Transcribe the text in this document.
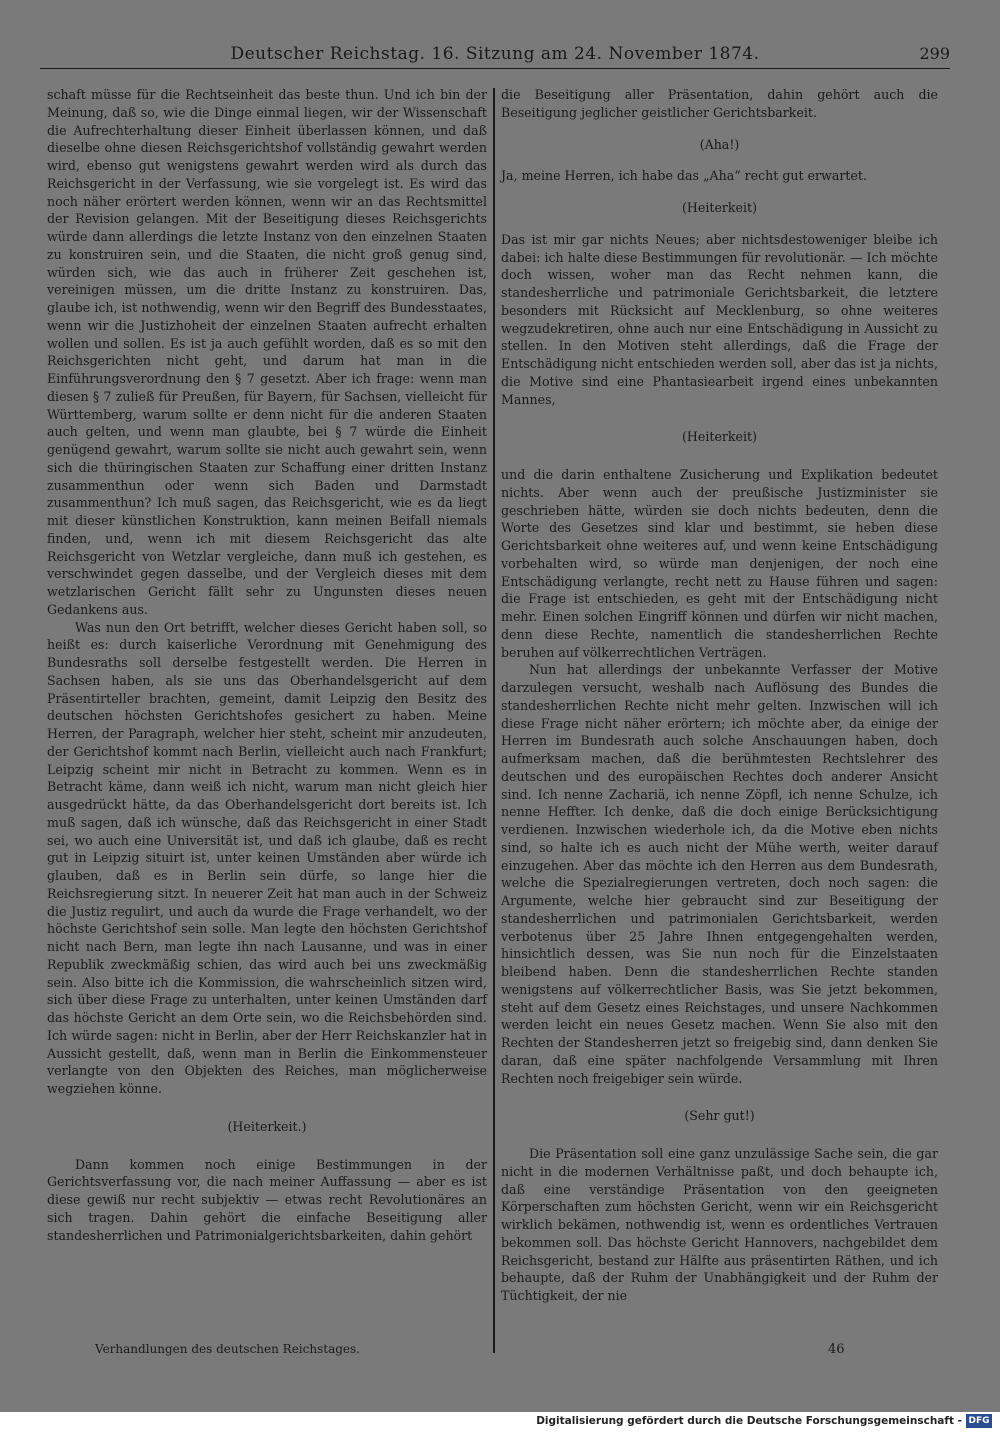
Deutscher Reichstag. 16. Sitzung am 24. November 1874.	299

schaft müsse für die Rechtseinheit das beste thun. Und ich bin der Meinung, daß so, wie die Dinge einmal liegen, wir der Wissenschaft die Aufrechterhaltung dieser Einheit überlassen können, und daß dieselbe ohne diesen Reichsgerichtshof vollständig gewahrt werden wird, ebenso gut wenigstens gewahrt werden wird als durch das Reichsgericht in der Verfassung, wie sie vorgelegt ist. Es wird das noch näher erörtert werden können, wenn wir an das Rechtsmittel der Revision gelangen. Mit der Beseitigung dieses Reichsgerichts würde dann allerdings die letzte Instanz von den einzelnen Staaten zu konstruiren sein, und die Staaten, die nicht groß genug sind, würden sich, wie das auch in früherer Zeit geschehen ist, vereinigen müssen, um die dritte Instanz zu konstruiren. Das, glaube ich, ist nothwendig, wenn wir den Begriff des Bundesstaates, wenn wir die Justizhoheit der einzelnen Staaten aufrecht erhalten wollen und sollen. Es ist ja auch gefühlt worden, daß es so mit den Reichsgerichten nicht geht, und darum hat man in die Einführungsverordnung den § 7 gesetzt. Aber ich frage: wenn man diesen § 7 zuließ für Preußen, für Bayern, für Sachsen, vielleicht für Württemberg, warum sollte er denn nicht für die anderen Staaten auch gelten, und wenn man glaubte, bei § 7 würde die Einheit genügend gewahrt, warum sollte sie nicht auch gewahrt sein, wenn sich die thüringischen Staaten zur Schaffung einer dritten Instanz zusammenthun oder wenn sich Baden und Darmstadt zusammenthun? Ich muß sagen, das Reichsgericht, wie es da liegt mit dieser künstlichen Konstruktion, kann meinen Beifall niemals finden, und, wenn ich mit diesem Reichsgericht das alte Reichsgericht von Wetzlar vergleiche, dann muß ich gestehen, es verschwindet gegen dasselbe, und der Vergleich dieses mit dem wetzlarischen Gericht fällt sehr zu Ungunsten dieses neuen Gedankens aus.

Was nun den Ort betrifft, welcher dieses Gericht haben soll, so heißt es: durch kaiserliche Verordnung mit Genehmigung des Bundesraths soll derselbe festgestellt werden. Die Herren in Sachsen haben, als sie uns das Oberhandelsgericht auf dem Präsentirteller brachten, gemeint, damit Leipzig den Besitz des deutschen höchsten Gerichtshofes gesichert zu haben. Meine Herren, der Paragraph, welcher hier steht, scheint mir anzudeuten, der Gerichtshof kommt nach Berlin, vielleicht auch nach Frankfurt; Leipzig scheint mir nicht in Betracht zu kommen. Wenn es in Betracht käme, dann weiß ich nicht, warum man nicht gleich hier ausgedrückt hätte, da das Oberhandelsgericht dort bereits ist. Ich muß sagen, daß ich wünsche, daß das Reichsgericht in einer Stadt sei, wo auch eine Universität ist, und daß ich glaube, daß es recht gut in Leipzig situirt ist, unter keinen Umständen aber würde ich glauben, daß es in Berlin sein dürfe, so lange hier die Reichsregierung sitzt. In neuerer Zeit hat man auch in der Schweiz die Justiz regulirt, und auch da wurde die Frage verhandelt, wo der höchste Gerichtshof sein solle. Man legte den höchsten Gerichtshof nicht nach Bern, man legte ihn nach Lausanne, und was in einer Republik zweckmäßig schien, das wird auch bei uns zweckmäßig sein. Also bitte ich die Kommission, die wahrscheinlich sitzen wird, sich über diese Frage zu unterhalten, unter keinen Umständen darf das höchste Gericht an dem Orte sein, wo die Reichsbehörden sind. Ich würde sagen: nicht in Berlin, aber der Herr Reichskanzler hat in Aussicht gestellt, daß, wenn man in Berlin die Einkommensteuer verlangte von den Objekten des Reiches, man möglicherweise wegziehen könne.

(Heiterkeit.)

Dann kommen noch einige Bestimmungen in der Gerichtsverfassung vor, die nach meiner Auffassung — aber es ist diese gewiß nur recht subjektiv — etwas recht Revolutionäres an sich tragen. Dahin gehört die einfache Beseitigung aller standesherrlichen und Patrimonialgerichtsbarkeiten, dahin gehört

die Beseitigung aller Präsentation, dahin gehört auch die Beseitigung jeglicher geistlicher Gerichtsbarkeit.

(Aha!)

Ja, meine Herren, ich habe das „Aha“ recht gut erwartet.

(Heiterkeit)

Das ist mir gar nichts Neues; aber nichtsdestoweniger bleibe ich dabei: ich halte diese Bestimmungen für revolutionär. — Ich möchte doch wissen, woher man das Recht nehmen kann, die standesherrliche und patrimoniale Gerichtsbarkeit, die letztere besonders mit Rücksicht auf Mecklenburg, so ohne weiteres wegzudekretiren, ohne auch nur eine Entschädigung in Aussicht zu stellen. In den Motiven steht allerdings, daß die Frage der Entschädigung nicht entschieden werden soll, aber das ist ja nichts, die Motive sind eine Phantasiearbeit irgend eines unbekannten Mannes,

(Heiterkeit)

und die darin enthaltene Zusicherung und Explikation bedeutet nichts. Aber wenn auch der preußische Justizminister sie geschrieben hätte, würden sie doch nichts bedeuten, denn die Worte des Gesetzes sind klar und bestimmt, sie heben diese Gerichtsbarkeit ohne weiteres auf, und wenn keine Entschädigung vorbehalten wird, so würde man denjenigen, der noch eine Entschädigung verlangte, recht nett zu Hause führen und sagen: die Frage ist entschieden, es geht mit der Entschädigung nicht mehr. Einen solchen Eingriff können und dürfen wir nicht machen, denn diese Rechte, namentlich die standesherrlichen Rechte beruhen auf völkerrechtlichen Verträgen.

Nun hat allerdings der unbekannte Verfasser der Motive darzulegen versucht, weshalb nach Auflösung des Bundes die standesherrlichen Rechte nicht mehr gelten. Inzwischen will ich diese Frage nicht näher erörtern; ich möchte aber, da einige der Herren im Bundesrath auch solche Anschauungen haben, doch aufmerksam machen, daß die berühmtesten Rechtslehrer des deutschen und des europäischen Rechtes doch anderer Ansicht sind. Ich nenne Zachariä, ich nenne Zöpfl, ich nenne Schulze, ich nenne Heffter. Ich denke, daß die doch einige Berücksichtigung verdienen. Inzwischen wiederhole ich, da die Motive eben nichts sind, so halte ich es auch nicht der Mühe werth, weiter darauf einzugehen. Aber das möchte ich den Herren aus dem Bundesrath, welche die Spezialregierungen vertreten, doch noch sagen: die Argumente, welche hier gebraucht sind zur Beseitigung der standesherrlichen und patrimonialen Gerichtsbarkeit, werden verbotenus über 25 Jahre Ihnen entgegengehalten werden, hinsichtlich dessen, was Sie nun noch für die Einzelstaaten bleibend haben. Denn die standesherrlichen Rechte standen wenigstens auf völkerrechtlicher Basis, was Sie jetzt bekommen, steht auf dem Gesetz eines Reichstages, und unsere Nachkommen werden leicht ein neues Gesetz machen. Wenn Sie also mit den Rechten der Standesherren jetzt so freigebig sind, dann denken Sie daran, daß eine später nachfolgende Versammlung mit Ihren Rechten noch freigebiger sein würde.

(Sehr gut!)

Die Präsentation soll eine ganz unzulässige Sache sein, die gar nicht in die modernen Verhältnisse paßt, und doch behaupte ich, daß eine verständige Präsentation von den geeigneten Körperschaften zum höchsten Gericht, wenn wir ein Reichsgericht wirklich bekämen, nothwendig ist, wenn es ordentliches Vertrauen bekommen soll. Das höchste Gericht Hannovers, nachgebildet dem Reichsgericht, bestand zur Hälfte aus präsentirten Räthen, und ich behaupte, daß der Ruhm der Unabhängigkeit und der Ruhm der Tüchtigkeit, der nie

Verhandlungen des deutschen Reichstages.	46
Digitalisierung gefördert durch die Deutsche Forschungsgemeinschaft - DFG
